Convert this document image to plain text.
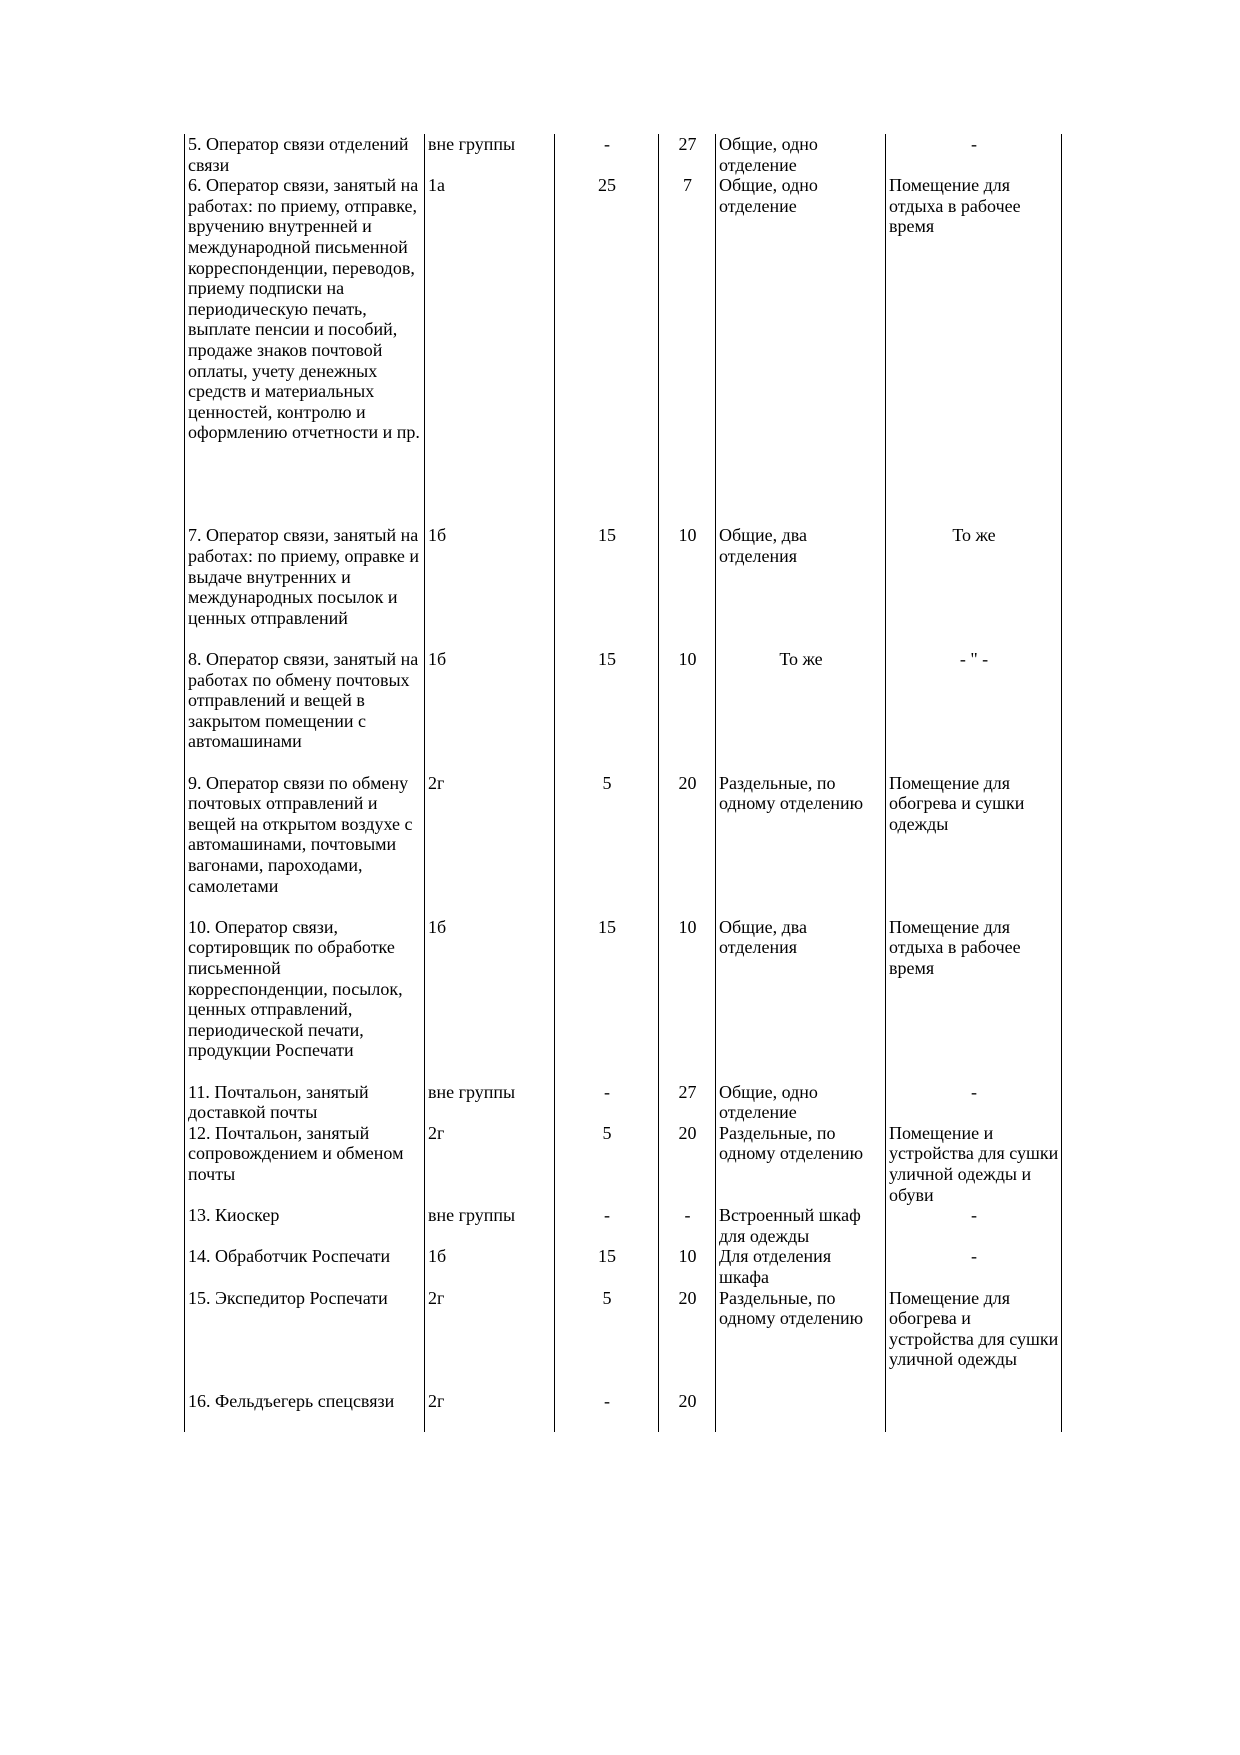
5. Оператор связи отделений связи	вне группы	-	27	Общие, одно отделение	-
6. Оператор связи, занятый на работах: по приему, отправке, вручению внутренней и международной письменной корреспонденции, переводов, приему подписки на периодическую печать, выплате пенсии и пособий, продаже знаков почтовой оплаты, учету денежных средств и материальных ценностей, контролю и оформлению отчетности и пр.	1а	25	7	Общие, одно отделение	Помещение для отдыха в рабочее время
7. Оператор связи, занятый на работах: по приему, оправке и выдаче внутренних и международных посылок и ценных отправлений	1б	15	10	Общие, два отделения	То же
8. Оператор связи, занятый на работах по обмену почтовых отправлений и вещей в закрытом помещении с автомашинами	1б	15	10	То же	- " -
9. Оператор связи по обмену почтовых отправлений и вещей на открытом воздухе с автомашинами, почтовыми вагонами, пароходами, самолетами	2г	5	20	Раздельные, по одному отделению	Помещение для обогрева и сушки одежды
10. Оператор связи, сортировщик по обработке письменной корреспонденции, посылок, ценных отправлений, периодической печати, продукции Роспечати	1б	15	10	Общие, два отделения	Помещение для отдыха в рабочее время
11. Почтальон, занятый доставкой почты	вне группы	-	27	Общие, одно отделение	-
12. Почтальон, занятый сопровождением и обменом почты	2г	5	20	Раздельные, по одному отделению	Помещение и устройства для сушки уличной одежды и обуви
13. Киоскер	вне группы	-	-	Встроенный шкаф для одежды	-
14. Обработчик Роспечати	1б	15	10	Для отделения шкафа	-
15. Экспедитор Роспечати	2г	5	20	Раздельные, по одному отделению	Помещение для обогрева и устройства для сушки уличной одежды
16. Фельдъегерь спецсвязи	2г	-	20		
